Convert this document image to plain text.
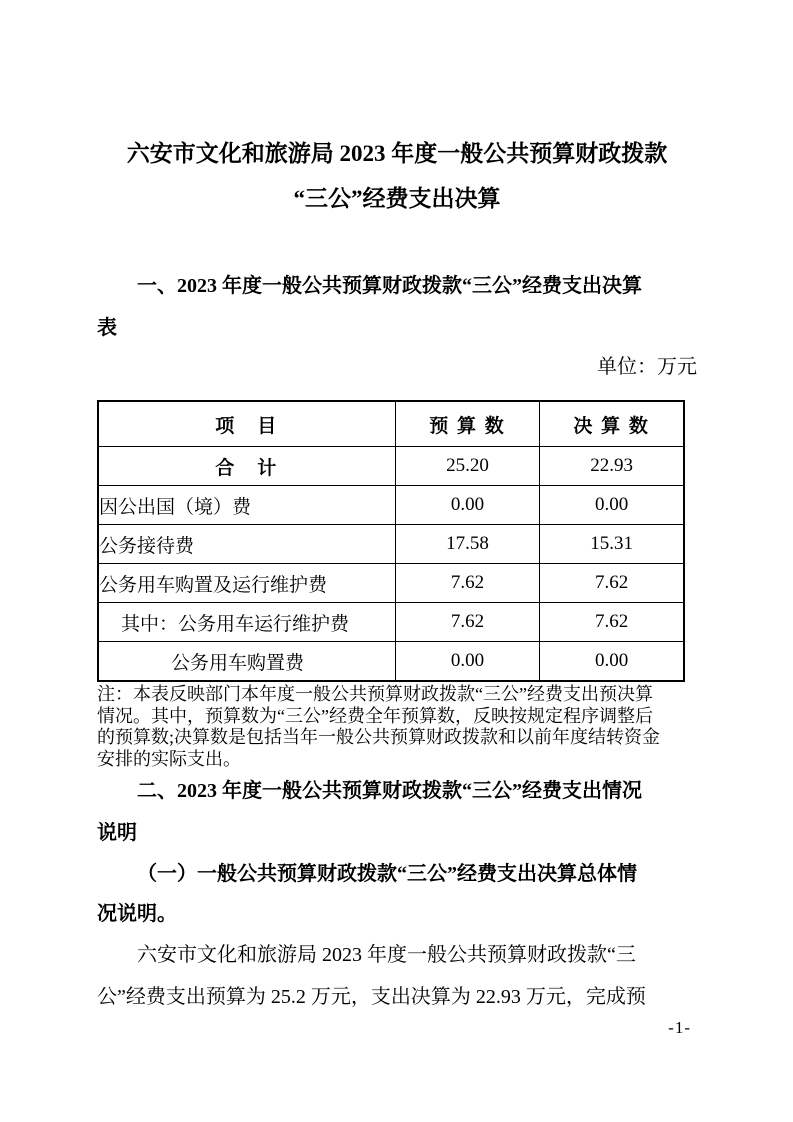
六安市文化和旅游局 2023 年度一般公共预算财政拨款
“三公”经费支出决算

一、2023 年度一般公共预算财政拨款“三公”经费支出决算
表

单位：万元

项　目	预 算 数	决 算 数
合　计	25.20	22.93
因公出国（境）费	0.00	0.00
公务接待费	17.58	15.31
公务用车购置及运行维护费	7.62	7.62
其中：公务用车运行维护费	7.62	7.62
公务用车购置费	0.00	0.00

注：本表反映部门本年度一般公共预算财政拨款“三公”经费支出预决算
情况。其中，预算数为“三公”经费全年预算数，反映按规定程序调整后
的预算数;决算数是包括当年一般公共预算财政拨款和以前年度结转资金
安排的实际支出。

二、2023 年度一般公共预算财政拨款“三公”经费支出情况
说明

（一）一般公共预算财政拨款“三公”经费支出决算总体情
况说明。

六安市文化和旅游局 2023 年度一般公共预算财政拨款“三
公”经费支出预算为 25.2 万元，支出决算为 22.93 万元，完成预

-1-
